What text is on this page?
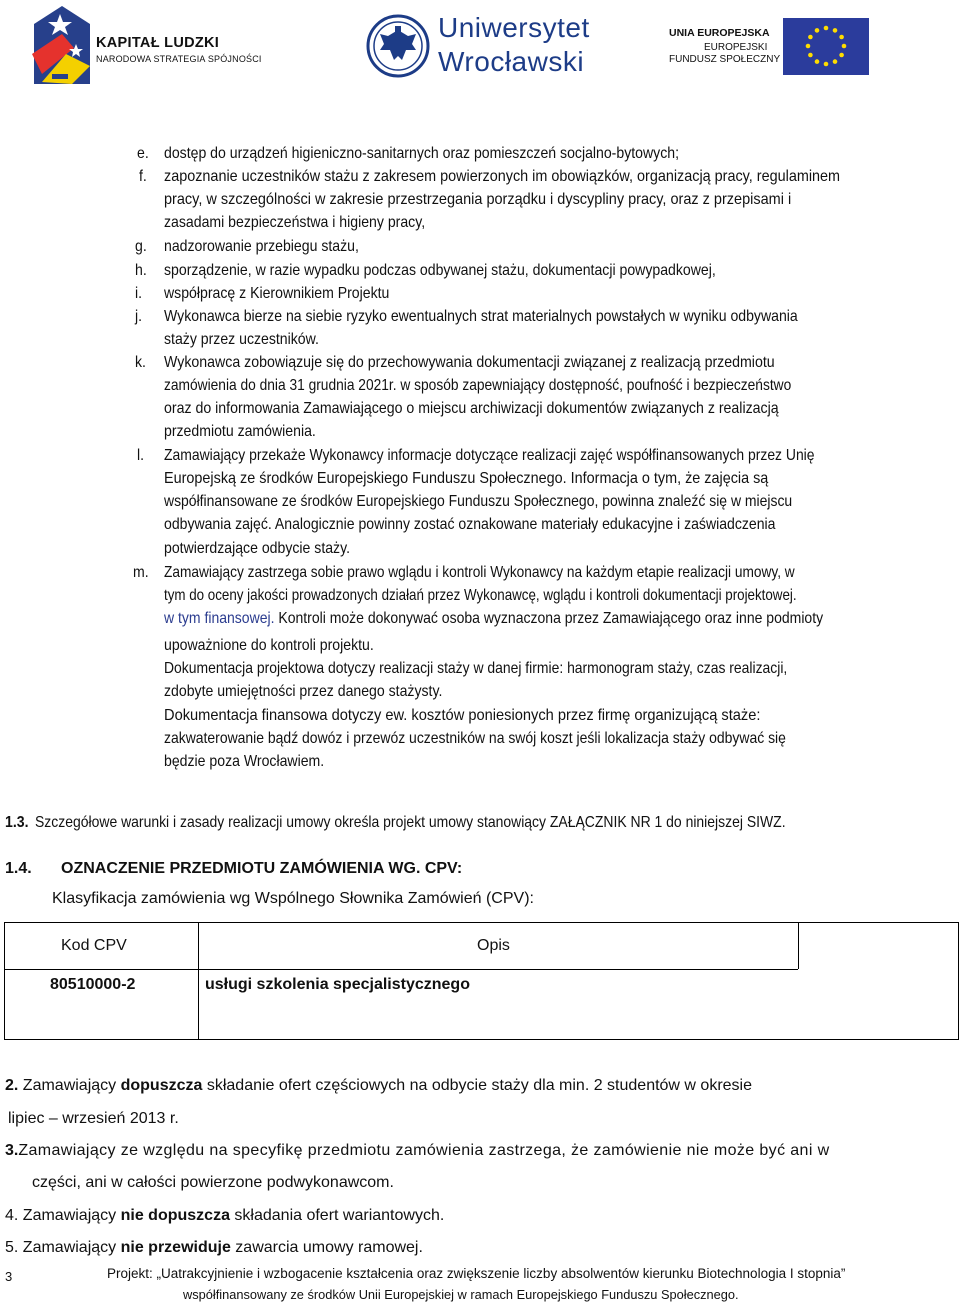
KAPITAŁ LUDZKI
NARODOWA STRATEGIA SPÓJNOŚCI
Uniwersytet
Wrocławski
UNIA EUROPEJSKA
EUROPEJSKI
FUNDUSZ SPOŁECZNY
e. dostęp do urządzeń higieniczno-sanitarnych oraz pomieszczeń socjalno-bytowych;
f. zapoznanie uczestników stażu z zakresem powierzonych im obowiązków, organizacją pracy, regulaminem
pracy, w szczególności w zakresie przestrzegania porządku i dyscypliny pracy, oraz z przepisami i
zasadami bezpieczeństwa i higieny pracy,
g. nadzorowanie przebiegu stażu,
h. sporządzenie, w razie wypadku podczas odbywanej stażu, dokumentacji powypadkowej,
i. współpracę z Kierownikiem Projektu
j. Wykonawca bierze na siebie ryzyko ewentualnych strat materialnych powstałych w wyniku odbywania
staży przez uczestników.
k. Wykonawca zobowiązuje się do przechowywania dokumentacji związanej z realizacją przedmiotu
zamówienia do dnia 31 grudnia 2021r. w sposób zapewniający dostępność, poufność i bezpieczeństwo
oraz do informowania Zamawiającego o miejscu archiwizacji dokumentów związanych z realizacją
przedmiotu zamówienia.
l. Zamawiający przekaże Wykonawcy informacje dotyczące realizacji zajęć współfinansowanych przez Unię
Europejską ze środków Europejskiego Funduszu Społecznego. Informacja o tym, że zajęcia są
współfinansowane ze środków Europejskiego Funduszu Społecznego, powinna znaleźć się w miejscu
odbywania zajęć. Analogicznie powinny zostać oznakowane materiały edukacyjne i zaświadczenia
potwierdzające odbycie staży.
m. Zamawiający zastrzega sobie prawo wglądu i kontroli Wykonawcy na każdym etapie realizacji umowy, w
tym do oceny jakości prowadzonych działań przez Wykonawcę, wglądu i kontroli dokumentacji projektowej.
w tym finansowej. Kontroli może dokonywać osoba wyznaczona przez Zamawiającego oraz inne podmioty
upoważnione do kontroli projektu.
Dokumentacja projektowa dotyczy realizacji staży w danej firmie: harmonogram staży, czas realizacji,
zdobyte umiejętności przez danego stażysty.
Dokumentacja finansowa dotyczy ew. kosztów poniesionych przez firmę organizującą staże:
zakwaterowanie bądź dowóz i przewóz uczestników na swój koszt jeśli lokalizacja staży odbywać się
będzie poza Wrocławiem.
1.3. Szczegółowe warunki i zasady realizacji umowy określa projekt umowy stanowiący ZAŁĄCZNIK NR 1 do niniejszej SIWZ.
1.4. OZNACZENIE PRZEDMIOTU ZAMÓWIENIA WG. CPV:
Klasyfikacja zamówienia wg Wspólnego Słownika Zamówień (CPV):
Kod CPV	Opis
80510000-2	usługi szkolenia specjalistycznego
2. Zamawiający dopuszcza składanie ofert częściowych na odbycie staży dla min. 2 studentów w okresie
lipiec – wrzesień 2013 r.
3.Zamawiający ze względu na specyfikę przedmiotu zamówienia zastrzega, że zamówienie nie może być ani w
części, ani w całości powierzone podwykonawcom.
4. Zamawiający nie dopuszcza składania ofert wariantowych.
5. Zamawiający nie przewiduje zawarcia umowy ramowej.
3	Projekt: „Uatrakcyjnienie i wzbogacenie kształcenia oraz zwiększenie liczby absolwentów kierunku Biotechnologia I stopnia”
współfinansowany ze środków Unii Europejskiej w ramach Europejskiego Funduszu Społecznego.
